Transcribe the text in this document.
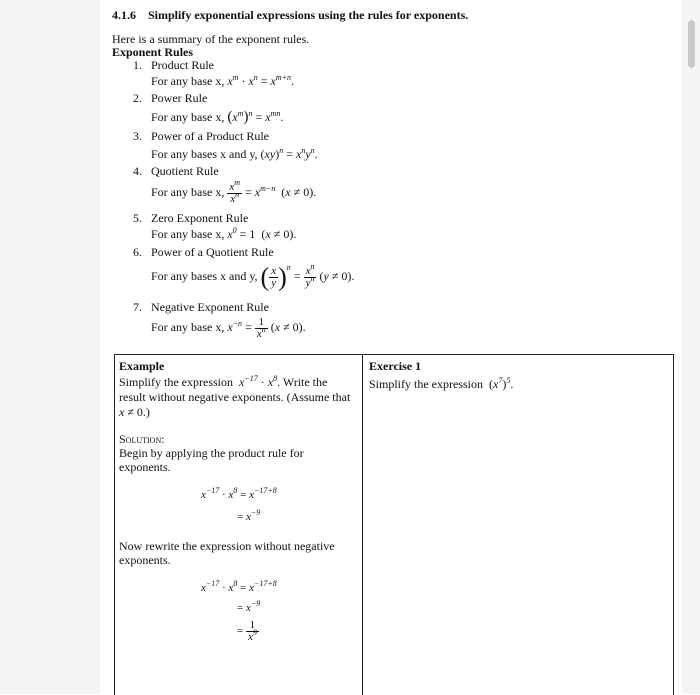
4.1.6 Simplify exponential expressions using the rules for exponents.
Here is a summary of the exponent rules.
Exponent Rules
1. Product Rule
For any base x, $x^m \cdot x^n = x^{m+n}$.
2. Power Rule
For any base x, $(x^m)^n = x^{mn}$.
3. Power of a Product Rule
For any bases x and y, $(xy)^n = x^ny^n$.
4. Quotient Rule
For any base x, $\frac{x^m}{x^n} = x^{m-n}$  (x ≠ 0).
5. Zero Exponent Rule
For any base x, $x^0 = 1$  (x ≠ 0).
6. Power of a Quotient Rule
For any bases x and y, ( $\frac{x}{y} )^n = \frac{x^n}{y^n} (y \ne 0)$.
7. Negative Exponent Rule
For any base x, $x^{-n} = \frac{1}{x^n} (x \ne 0)$.
Example
Simplify the expression $x^{-17} \cdot x^8$. Write the
result without negative exponents. (Assume that
x ≠ 0.)
Solution:
Begin by applying the product rule for
exponents.
$x^{-17} \cdot x^8 = x^{-17+8}$
= $x^{-9}$
Now rewrite the expression without negative
exponents.
$x^{-17} \cdot x^8 = x^{-17+8}$
= $x^{-9}$
= $\frac{1}{x^9}$
Exercise 1
Simplify the expression  $(x^7)^5$.
